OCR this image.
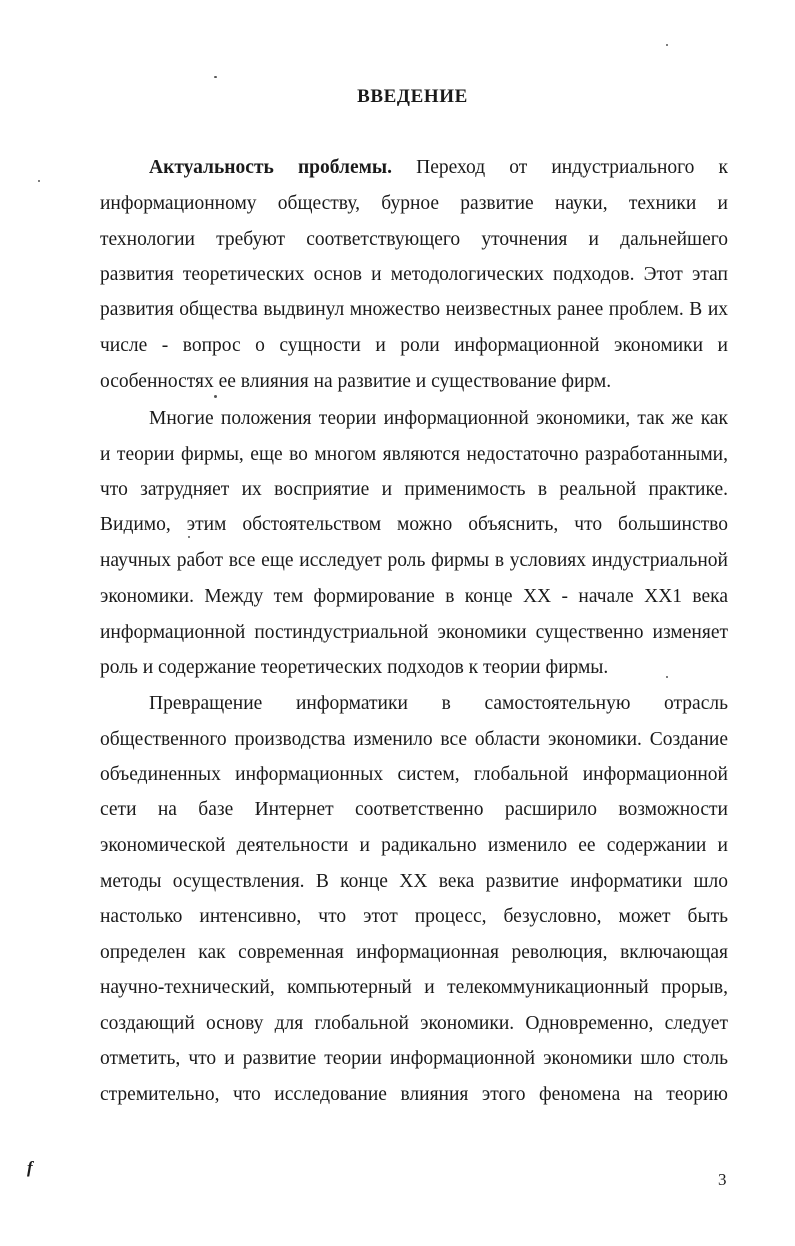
ВВЕДЕНИЕ
Актуальность проблемы. Переход от индустриального к
информационному обществу, бурное развитие науки, техники и
технологии требуют соответствующего уточнения и дальнейшего
развития теоретических основ и методологических подходов. Этот этап
развития общества выдвинул множество неизвестных ранее проблем. В их
числе - вопрос о сущности и роли информационной экономики и
особенностях ее влияния на развитие и существование фирм.
Многие положения теории информационной экономики, так же как
и теории фирмы, еще во многом являются недостаточно разработанными,
что затрудняет их восприятие и применимость в реальной практике.
Видимо, этим обстоятельством можно объяснить, что большинство
научных работ все еще исследует роль фирмы в условиях индустриальной
экономики. Между тем формирование в конце XX - начале XX1 века
информационной постиндустриальной экономики существенно изменяет
роль и содержание теоретических подходов к теории фирмы.
Превращение информатики в самостоятельную отрасль
общественного производства изменило все области экономики. Создание
объединенных информационных систем, глобальной информационной
сети на базе Интернет соответственно расширило возможности
экономической деятельности и радикально изменило ее содержании и
методы осуществления. В конце XX века развитие информатики шло
настолько интенсивно, что этот процесс, безусловно, может быть
определен как современная информационная революция, включающая
научно-технический, компьютерный и телекоммуникационный прорыв,
создающий основу для глобальной экономики. Одновременно, следует
отметить, что и развитие теории информационной экономики шло столь
стремительно, что исследование влияния этого феномена на теорию
3
f
